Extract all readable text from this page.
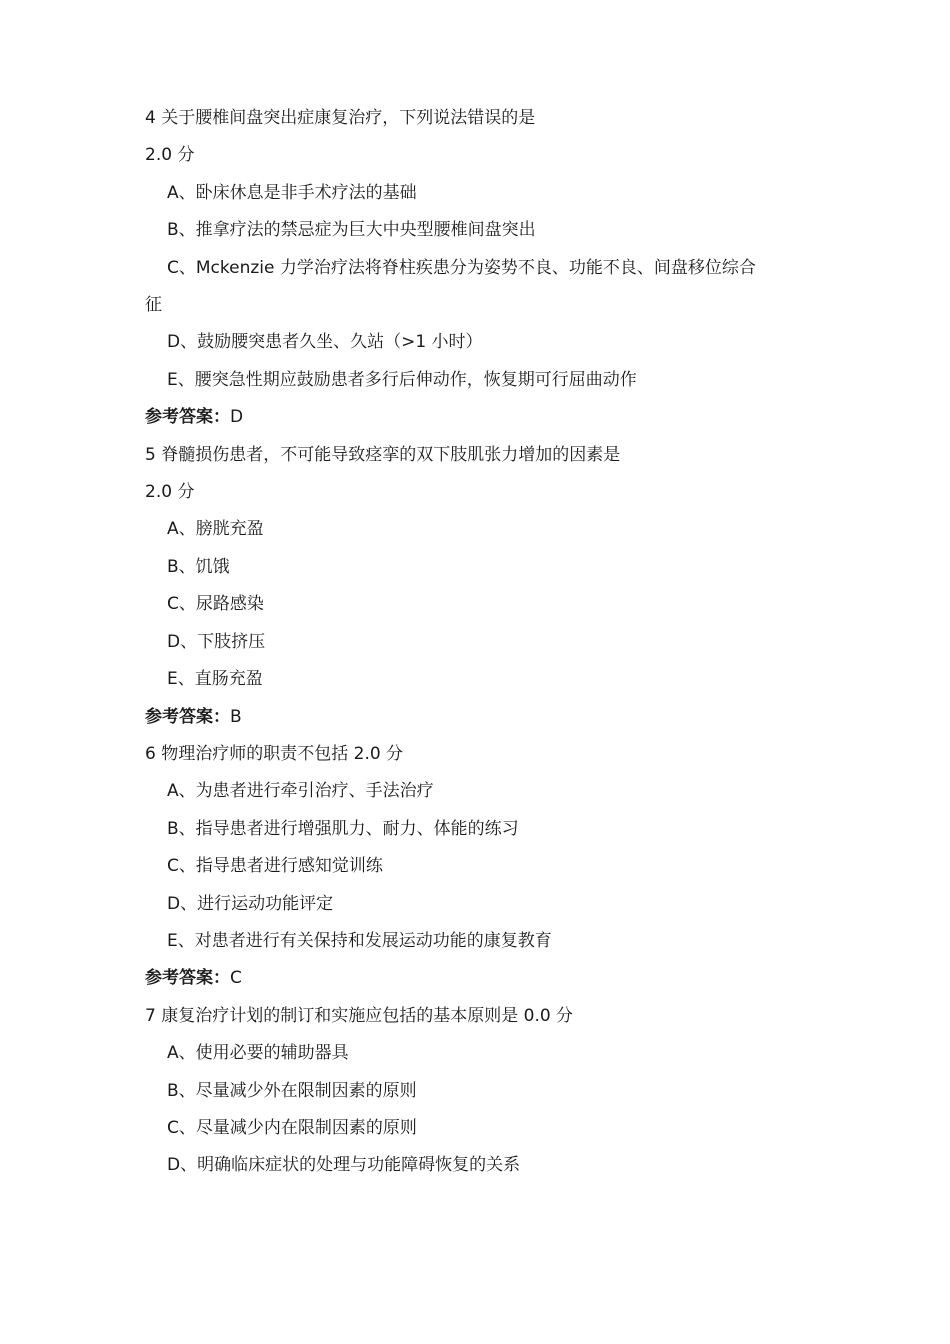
4 关于腰椎间盘突出症康复治疗，下列说法错误的是
2.0 分
A、卧床休息是非手术疗法的基础
B、推拿疗法的禁忌症为巨大中央型腰椎间盘突出
C、Mckenzie 力学治疗法将脊柱疾患分为姿势不良、功能不良、间盘移位综合
征
D、鼓励腰突患者久坐、久站（>1 小时）
E、腰突急性期应鼓励患者多行后伸动作，恢复期可行屈曲动作
参考答案：D
5 脊髓损伤患者，不可能导致痉挛的双下肢肌张力增加的因素是
2.0 分
A、膀胱充盈
B、饥饿
C、尿路感染
D、下肢挤压
E、直肠充盈
参考答案：B
6 物理治疗师的职责不包括 2.0 分
A、为患者进行牵引治疗、手法治疗
B、指导患者进行增强肌力、耐力、体能的练习
C、指导患者进行感知觉训练
D、进行运动功能评定
E、对患者进行有关保持和发展运动功能的康复教育
参考答案：C
7 康复治疗计划的制订和实施应包括的基本原则是 0.0 分
A、使用必要的辅助器具
B、尽量减少外在限制因素的原则
C、尽量减少内在限制因素的原则
D、明确临床症状的处理与功能障碍恢复的关系
